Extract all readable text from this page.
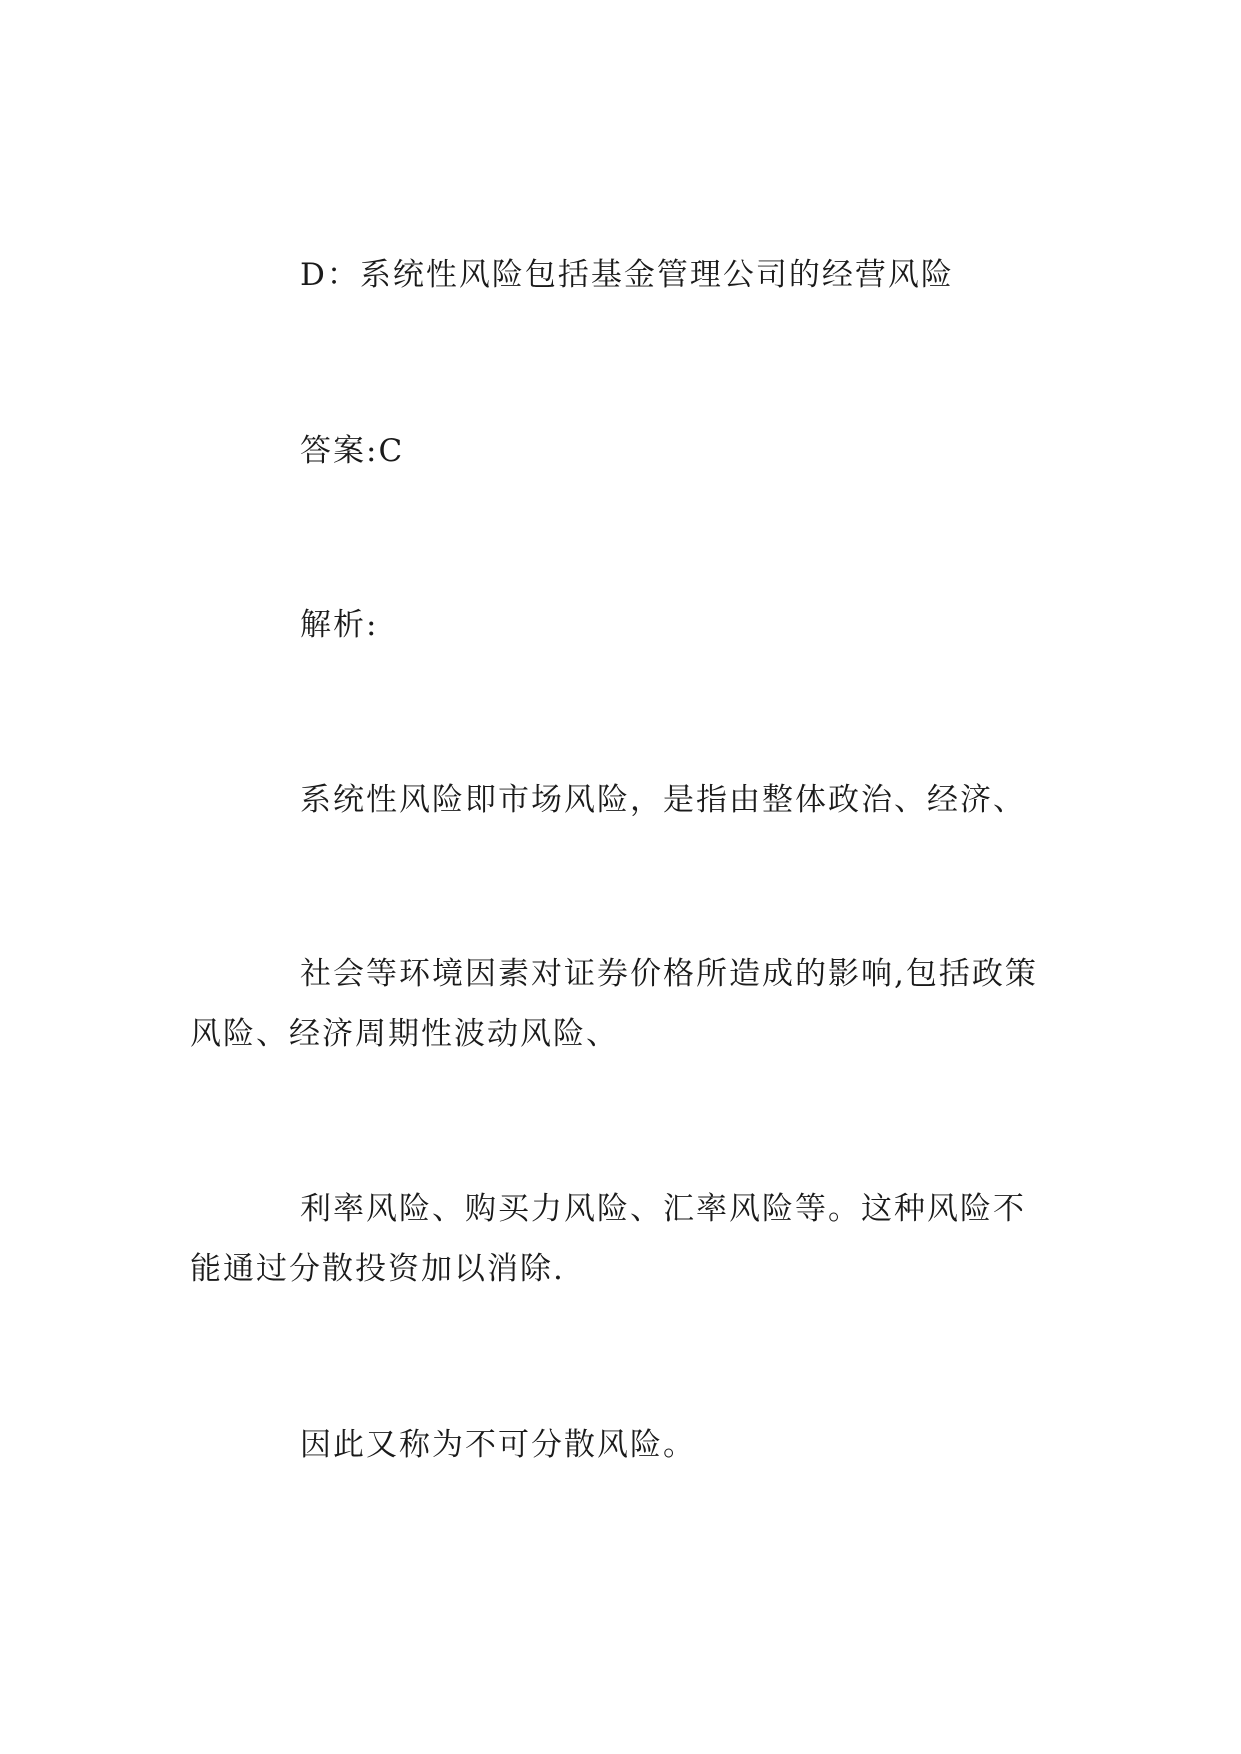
D：系统性风险包括基金管理公司的经营风险

答案:C

解析:

系统性风险即市场风险，是指由整体政治、经济、

社会等环境因素对证券价格所造成的影响,包括政策风险、经济周期性波动风险、

利率风险、购买力风险、汇率风险等。这种风险不能通过分散投资加以消除.

因此又称为不可分散风险。
